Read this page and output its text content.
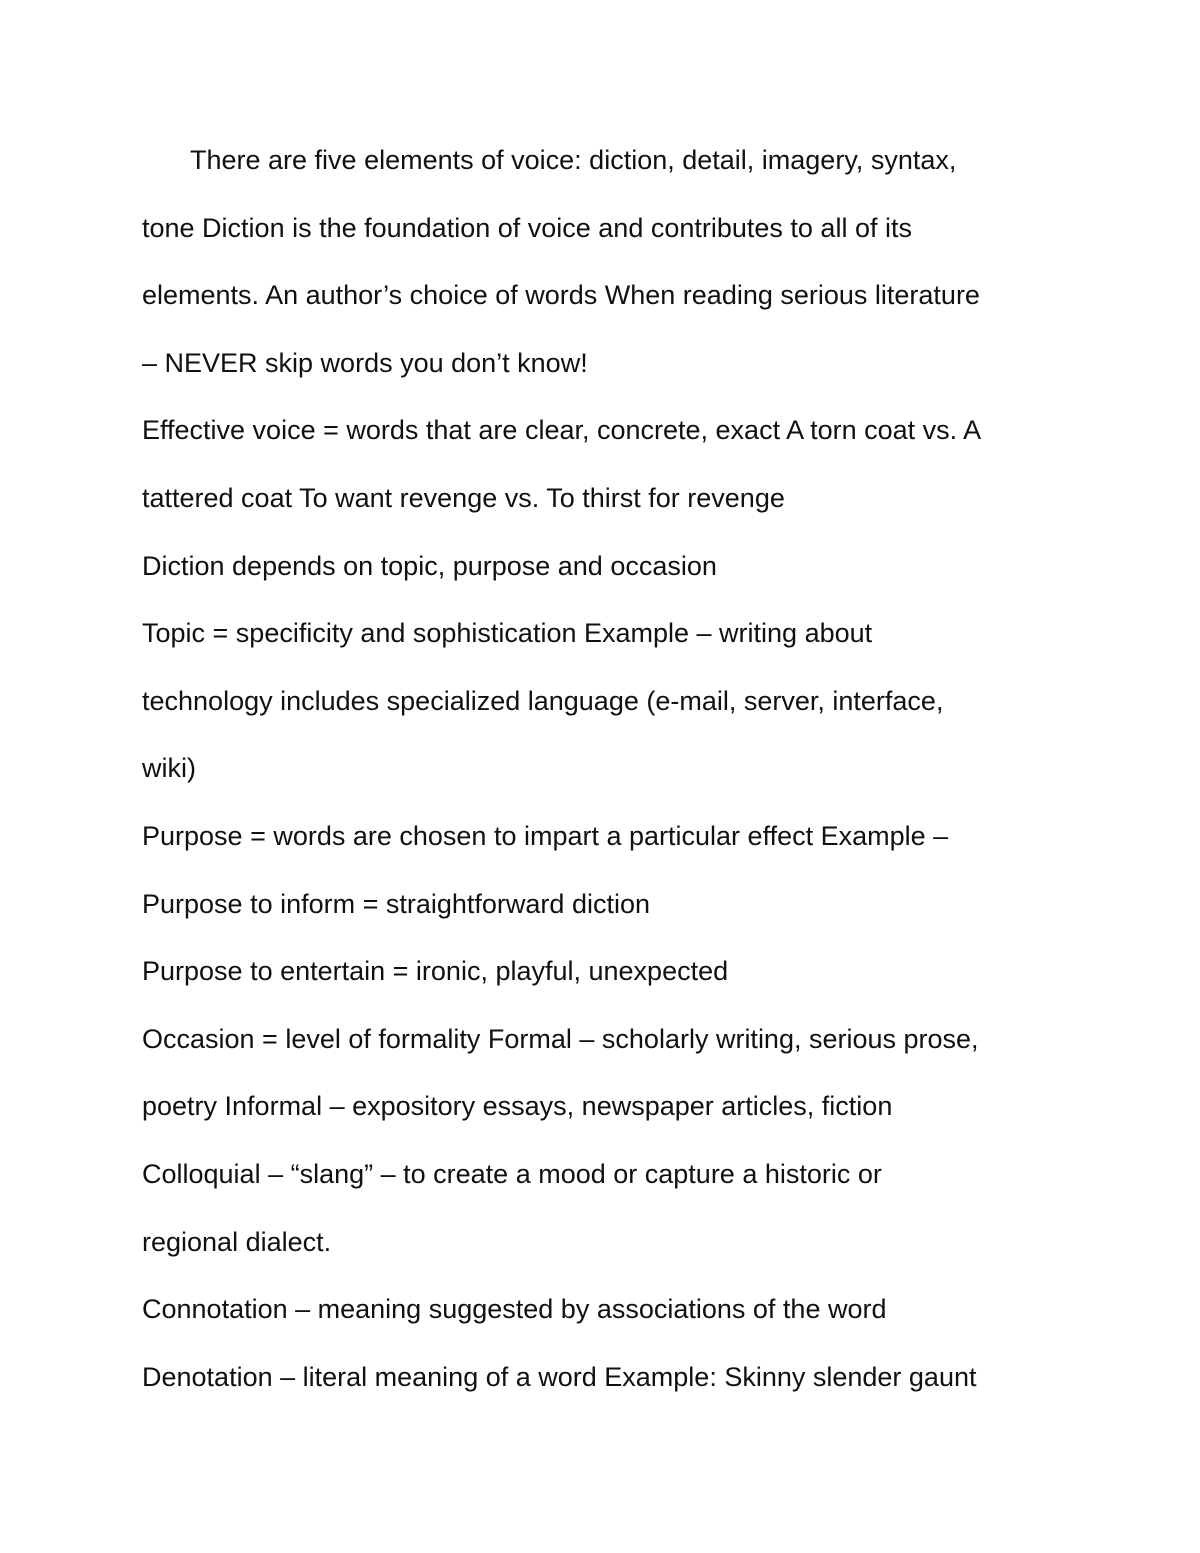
There are five elements of voice: diction, detail, imagery, syntax,
tone Diction is the foundation of voice and contributes to all of its
elements. An author’s choice of words When reading serious literature
– NEVER skip words you don’t know!
Effective voice = words that are clear, concrete, exact A torn coat vs. A
tattered coat To want revenge vs. To thirst for revenge
Diction depends on topic, purpose and occasion
Topic = specificity and sophistication Example – writing about
technology includes specialized language (e-mail, server, interface,
wiki)
Purpose = words are chosen to impart a particular effect Example –
Purpose to inform = straightforward diction
Purpose to entertain = ironic, playful, unexpected
Occasion = level of formality Formal – scholarly writing, serious prose,
poetry Informal – expository essays, newspaper articles, fiction
Colloquial – “slang” – to create a mood or capture a historic or
regional dialect.
Connotation – meaning suggested by associations of the word
Denotation – literal meaning of a word Example: Skinny slender gaunt
